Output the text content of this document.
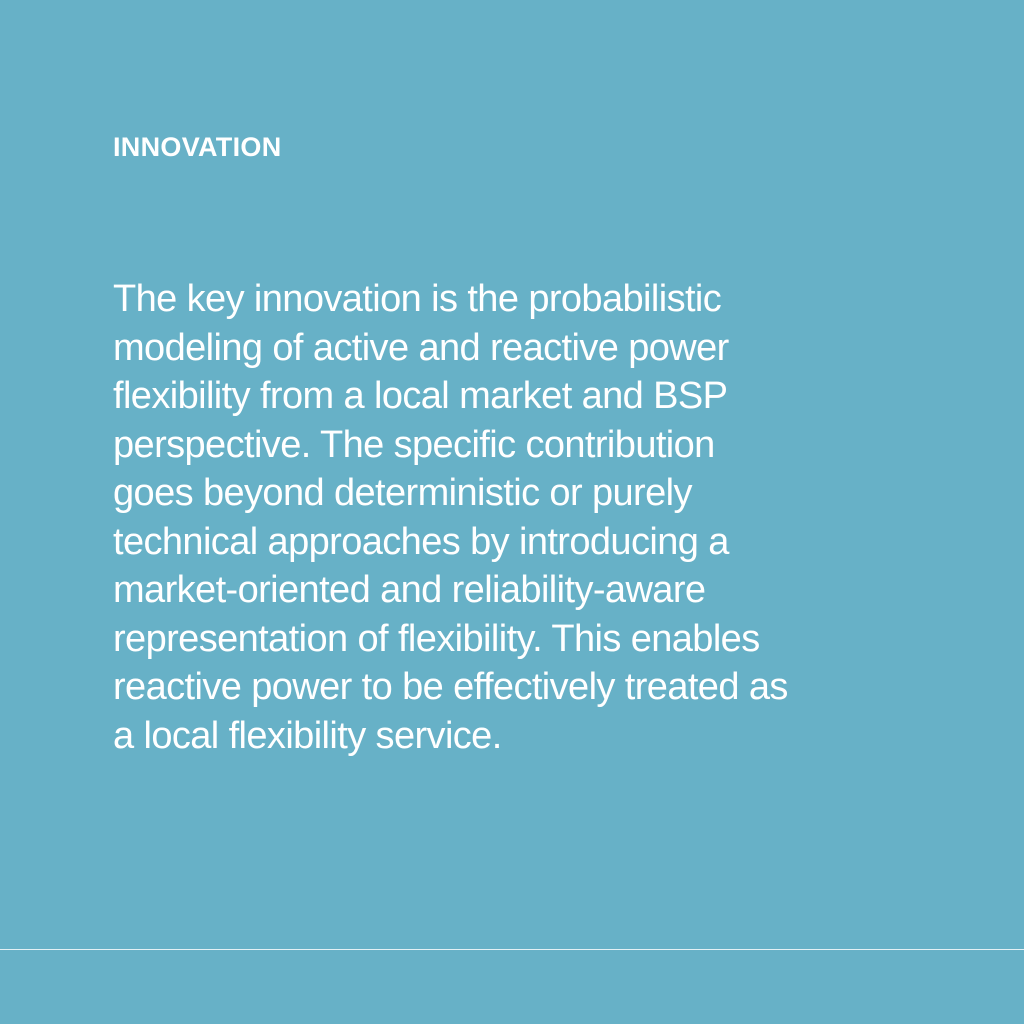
INNOVATION

The key innovation is the probabilistic
modeling of active and reactive power
flexibility from a local market and BSP
perspective. The specific contribution
goes beyond deterministic or purely
technical approaches by introducing a
market-oriented and reliability-aware
representation of flexibility. This enables
reactive power to be effectively treated as
a local flexibility service.
